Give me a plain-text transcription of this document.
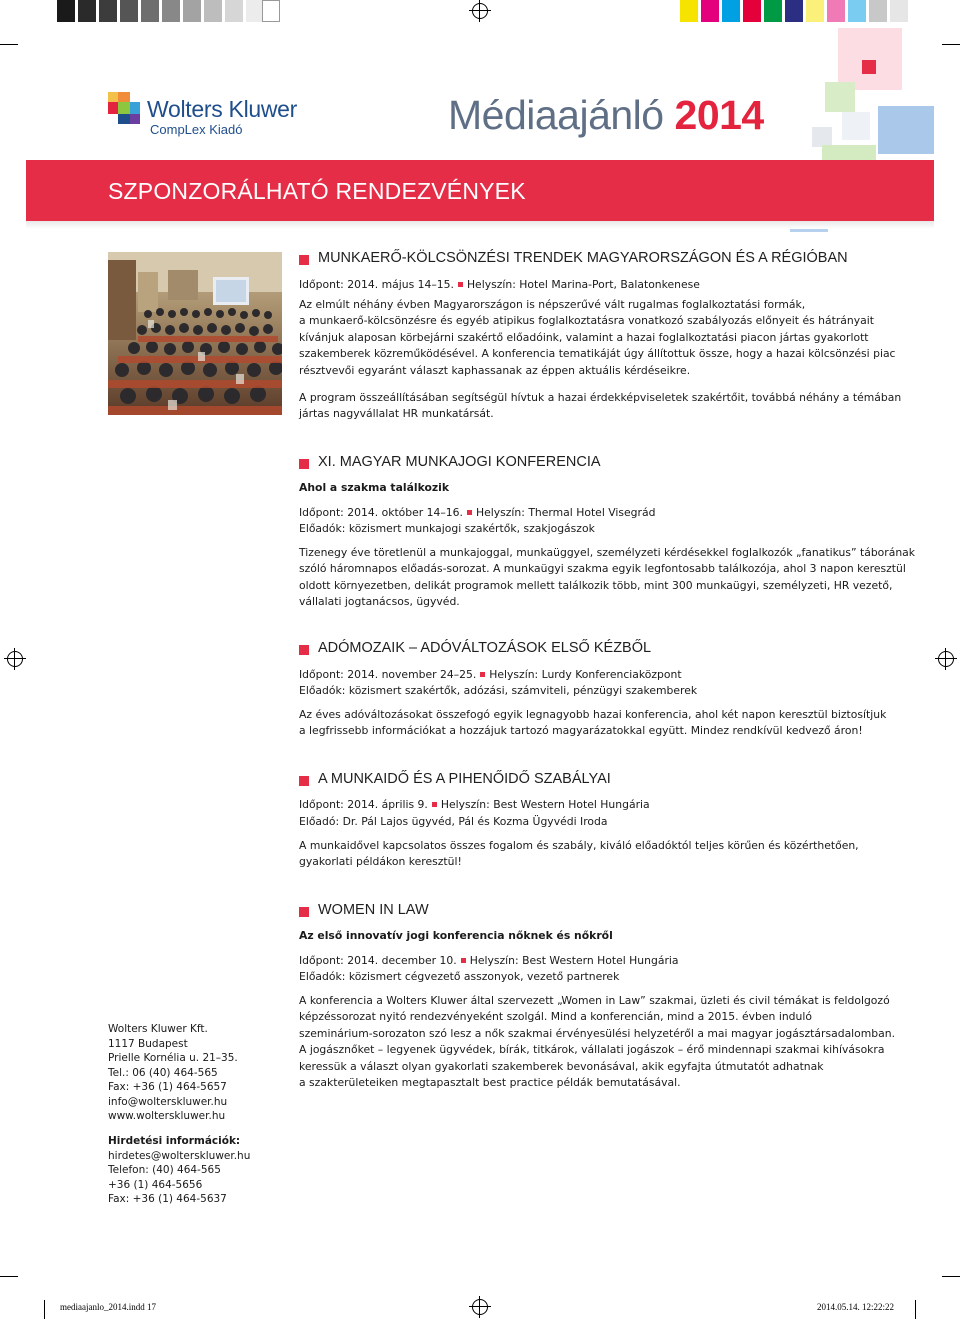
Wolters Kluwer
CompLex Kiadó	Médiaajánló 2014
SZPONZORÁLHATÓ RENDEZVÉNYEK
MUNKAERŐ-KÖLCSÖNZÉSI TRENDEK MAGYARORSZÁGON ÉS A RÉGIÓBAN
Időpont: 2014. május 14–15. Helyszín: Hotel Marina-Port, Balatonkenese
Az elmúlt néhány évben Magyarországon is népszerűvé vált rugalmas foglalkoztatási formák,
a munkaerő-kölcsönzésre és egyéb atipikus foglalkoztatásra vonatkozó szabályozás előnyeit és hátrányait
kívánjuk alaposan körbejárni szakértő előadóink, valamint a hazai foglalkoztatási piacon jártas gyakorlott
szakemberek közreműködésével. A konferencia tematikáját úgy állítottuk össze, hogy a hazai kölcsönzési piac
résztvevői egyaránt választ kaphassanak az éppen aktuális kérdéseikre.
A program összeállításában segítségül hívtuk a hazai érdekképviseletek szakértőit, továbbá néhány a témában
jártas nagyvállalat HR munkatársát.
XI. MAGYAR MUNKAJOGI KONFERENCIA
Ahol a szakma találkozik
Időpont: 2014. október 14–16. Helyszín: Thermal Hotel Visegrád
Előadók: közismert munkajogi szakértők, szakjogászok
Tizenegy éve töretlenül a munkajoggal, munkaüggyel, személyzeti kérdésekkel foglalkozók „fanatikus” táborának
szóló háromnapos előadás-sorozat. A munkaügyi szakma egyik legfontosabb találkozója, ahol 3 napon keresztül
oldott környezetben, delikát programok mellett találkozik több, mint 300 munkaügyi, személyzeti, HR vezető,
vállalati jogtanácsos, ügyvéd.
ADÓMOZAIK – ADÓVÁLTOZÁSOK ELSŐ KÉZBŐL
Időpont: 2014. november 24–25. Helyszín: Lurdy Konferenciaközpont
Előadók: közismert szakértők, adózási, számviteli, pénzügyi szakemberek
Az éves adóváltozásokat összefogó egyik legnagyobb hazai konferencia, ahol két napon keresztül biztosítjuk
a legfrissebb információkat a hozzájuk tartozó magyarázatokkal együtt. Mindez rendkívül kedvező áron!
A MUNKAIDŐ ÉS A PIHENŐIDŐ SZABÁLYAI
Időpont: 2014. április 9. Helyszín: Best Western Hotel Hungária
Előadó: Dr. Pál Lajos ügyvéd, Pál és Kozma Ügyvédi Iroda
A munkaidővel kapcsolatos összes fogalom és szabály, kiváló előadóktól teljes körűen és közérthetően,
gyakorlati példákon keresztül!
WOMEN IN LAW
Az első innovatív jogi konferencia nőknek és nőkről
Időpont: 2014. december 10. Helyszín: Best Western Hotel Hungária
Előadók: közismert cégvezető asszonyok, vezető partnerek
A konferencia a Wolters Kluwer által szervezett „Women in Law” szakmai, üzleti és civil témákat is feldolgozó
képzéssorozat nyitó rendezvényeként szolgál. Mind a konferencián, mind a 2015. évben induló
szeminárium-sorozaton szó lesz a nők szakmai érvényesülési helyzetéről a mai magyar jogásztársadalomban.
A jogásznőket – legyenek ügyvédek, bírák, titkárok, vállalati jogászok – érő mindennapi szakmai kihívásokra
keressük a választ olyan gyakorlati szakemberek bevonásával, akik egyfajta útmutatót adhatnak
a szakterületeiken megtapasztalt best practice példák bemutatásával.
Wolters Kluwer Kft.
1117 Budapest
Prielle Kornélia u. 21–35.
Tel.: 06 (40) 464-565
Fax: +36 (1) 464-5657
info@wolterskluwer.hu
www.wolterskluwer.hu
Hirdetési információk:
hirdetes@wolterskluwer.hu
Telefon: (40) 464-565
+36 (1) 464-5656
Fax: +36 (1) 464-5637
mediaajanlo_2014.indd 17	2014.05.14. 12:22:22
